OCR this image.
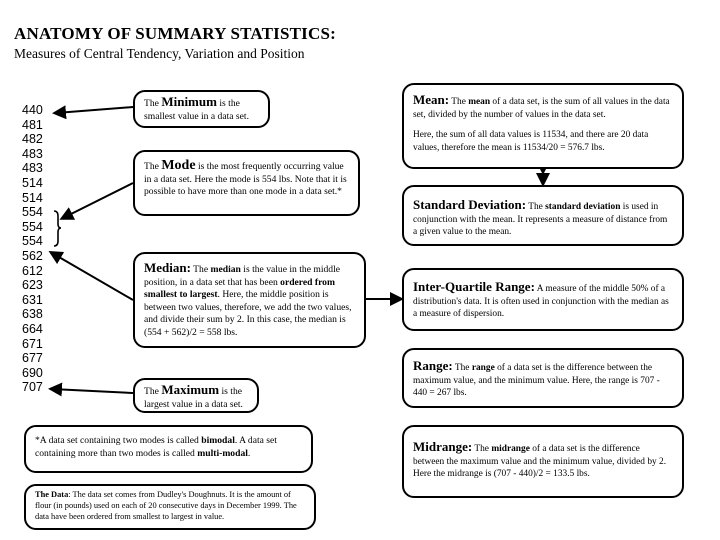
ANATOMY OF SUMMARY STATISTICS:
Measures of Central Tendency, Variation and Position
440
481
482
483
483
514
514
554
554
554
562
612
623
631
638
664
671
677
690
707
The Minimum is the smallest value in a data set.
The Mode is the most frequently occurring value in a data set. Here the mode is 554 lbs. Note that it is possible to have more than one mode in a data set.*
Median: The median is the value in the middle position, in a data set that has been ordered from smallest to largest. Here, the middle position is between two values, therefore, we add the two values, and divide their sum by 2. In this case, the median is (554 + 562)/2 = 558 lbs.
The Maximum is the largest value in a data set.
*A data set containing two modes is called bimodal. A data set containing more than two modes is called multi-modal.
The Data: The data set comes from Dudley's Doughnuts. It is the amount of flour (in pounds) used on each of 20 consecutive days in December 1999. The data have been ordered from smallest to largest in value.

Mean: The mean of a data set, is the sum of all values in the data set, divided by the number of values in the data set.

Here, the sum of all data values is 11534, and there are 20 data values, therefore the mean is 11534/20 = 576.7 lbs.

Standard Deviation: The standard deviation is used in conjunction with the mean. It represents a measure of distance from a given value to the mean.
Inter-Quartile Range: A measure of the middle 50% of a distribution's data. It is often used in conjunction with the median as a measure of dispersion.
Range: The range of a data set is the difference between the maximum value, and the minimum value. Here, the range is 707 - 440 = 267 lbs.
Midrange: The midrange of a data set is the difference between the maximum value and the minimum value, divided by 2. Here the midrange is (707 - 440)/2 = 133.5 lbs.
